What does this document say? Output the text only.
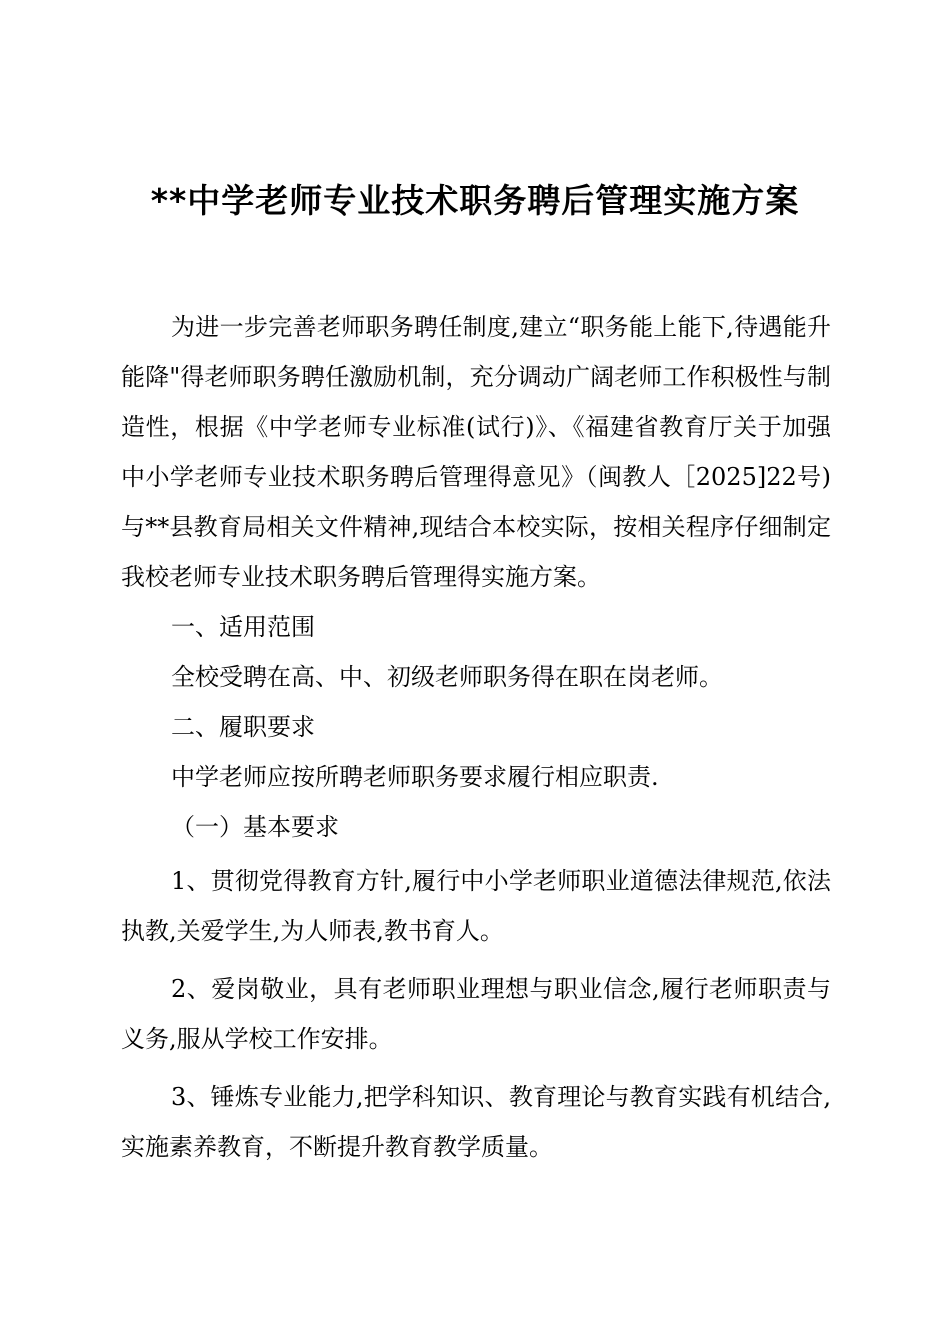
**中学老师专业技术职务聘后管理实施方案

为进一步完善老师职务聘任制度,建立“职务能上能下,待遇能升能降"得老师职务聘任激励机制，充分调动广阔老师工作积极性与制造性，根据《中学老师专业标准(试行)》、《福建省教育厅关于加强中小学老师专业技术职务聘后管理得意见》（闽教人［2025]22号)与**县教育局相关文件精神,现结合本校实际，按相关程序仔细制定我校老师专业技术职务聘后管理得实施方案。

一、适用范围

全校受聘在高、中、初级老师职务得在职在岗老师。

二、履职要求

中学老师应按所聘老师职务要求履行相应职责.

（一）基本要求

1、贯彻党得教育方针,履行中小学老师职业道德法律规范,依法执教,关爱学生,为人师表,教书育人。

2、爱岗敬业，具有老师职业理想与职业信念,履行老师职责与义务,服从学校工作安排。

3、锤炼专业能力,把学科知识、教育理论与教育实践有机结合,实施素养教育，不断提升教育教学质量。
